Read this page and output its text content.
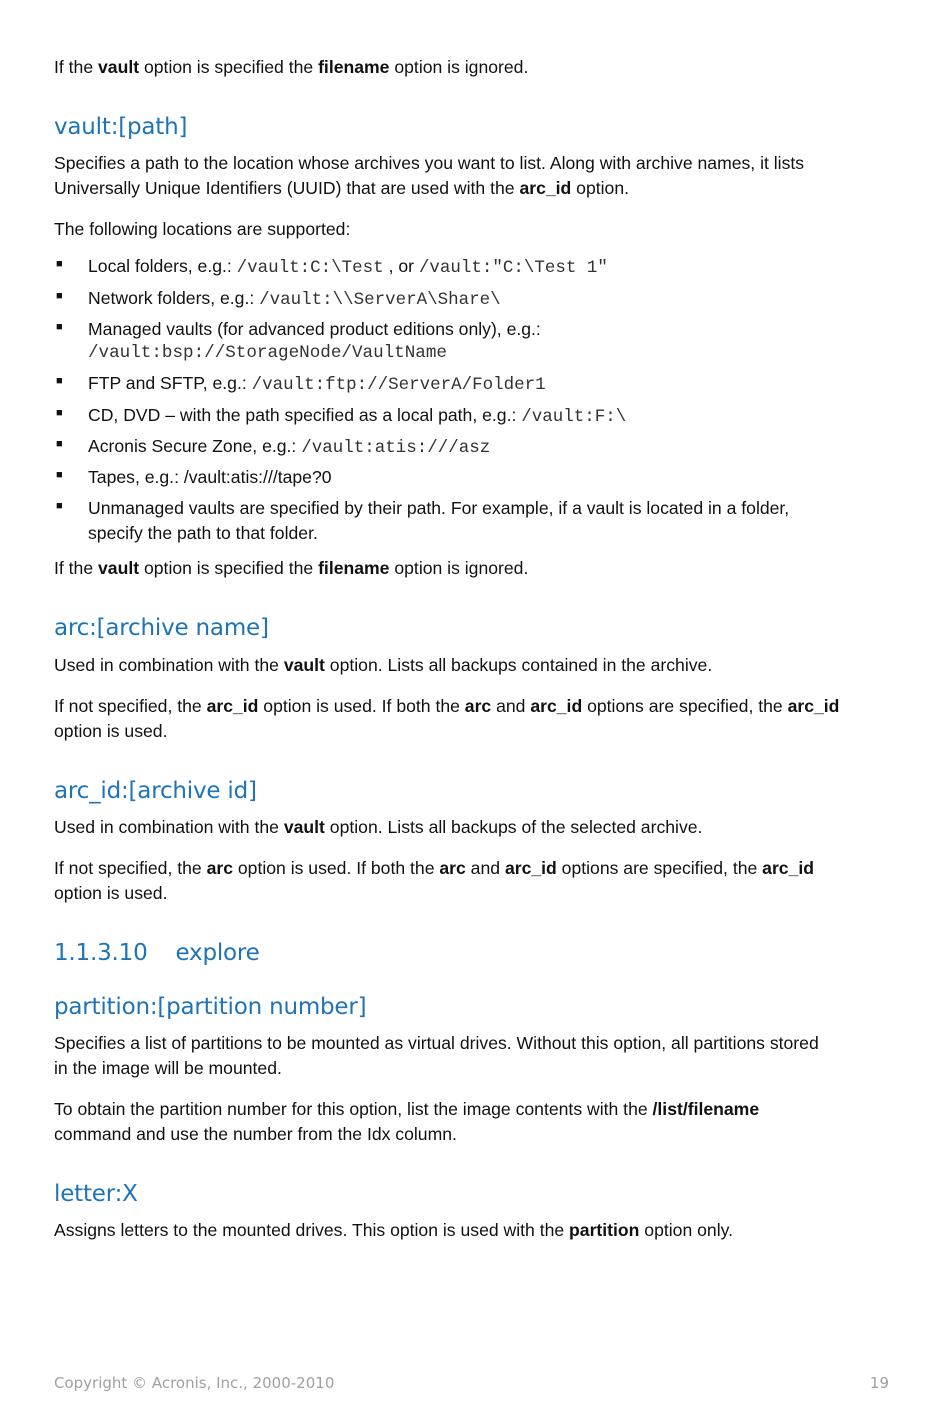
If the vault option is specified the filename option is ignored.
vault:[path]
Specifies a path to the location whose archives you want to list. Along with archive names, it lists
Universally Unique Identifiers (UUID) that are used with the arc_id option.
The following locations are supported:
■ Local folders, e.g.: /vault:C:\Test , or /vault:"C:\Test 1"
■ Network folders, e.g.: /vault:\\ServerA\Share\
■ Managed vaults (for advanced product editions only), e.g.:
/vault:bsp://StorageNode/VaultName
■ FTP and SFTP, e.g.: /vault:ftp://ServerA/Folder1
■ CD, DVD – with the path specified as a local path, e.g.: /vault:F:\
■ Acronis Secure Zone, e.g.: /vault:atis:///asz
■ Tapes, e.g.: /vault:atis:///tape?0
■ Unmanaged vaults are specified by their path. For example, if a vault is located in a folder,
specify the path to that folder.
If the vault option is specified the filename option is ignored.
arc:[archive name]
Used in combination with the vault option. Lists all backups contained in the archive.
If not specified, the arc_id option is used. If both the arc and arc_id options are specified, the arc_id
option is used.
arc_id:[archive id]
Used in combination with the vault option. Lists all backups of the selected archive.
If not specified, the arc option is used. If both the arc and arc_id options are specified, the arc_id
option is used.
1.1.3.10 explore
partition:[partition number]
Specifies a list of partitions to be mounted as virtual drives. Without this option, all partitions stored
in the image will be mounted.
To obtain the partition number for this option, list the image contents with the /list/filename
command and use the number from the Idx column.
letter:X
Assigns letters to the mounted drives. This option is used with the partition option only.
Copyright © Acronis, Inc., 2000-2010	19
